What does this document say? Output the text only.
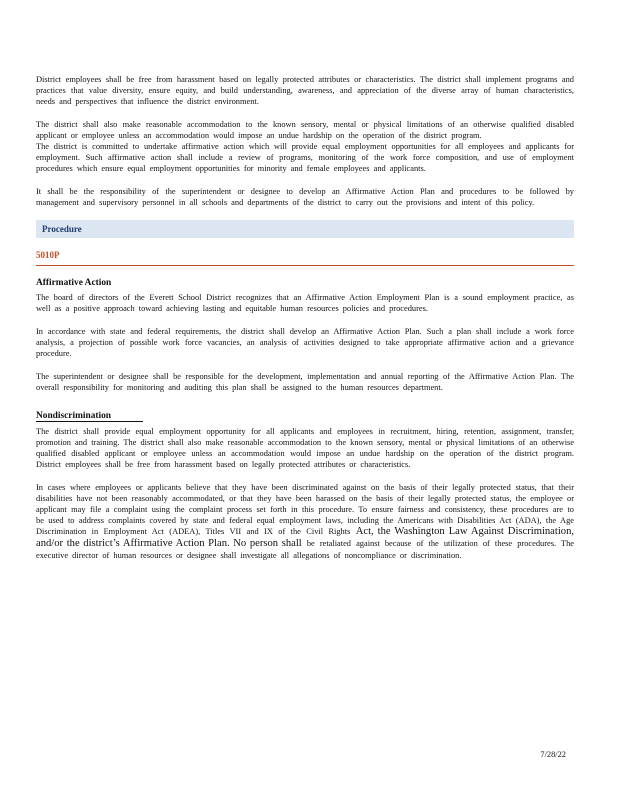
District employees shall be free from harassment based on legally protected attributes or characteristics. The district shall implement programs and practices that value diversity, ensure equity, and build understanding, awareness, and appreciation of the diverse array of human characteristics, needs and perspectives that influence the district environment.

The district shall also make reasonable accommodation to the known sensory, mental or physical limitations of an otherwise qualified disabled applicant or employee unless an accommodation would impose an undue hardship on the operation of the district program.

The district is committed to undertake affirmative action which will provide equal employment opportunities for all employees and applicants for employment. Such affirmative action shall include a review of programs, monitoring of the work force composition, and use of employment procedures which ensure equal employment opportunities for minority and female employees and applicants.

It shall be the responsibility of the superintendent or designee to develop an Affirmative Action Plan and procedures to be followed by management and supervisory personnel in all schools and departments of the district to carry out the provisions and intent of this policy.

Procedure
5010P
Affirmative Action

The board of directors of the Everett School District recognizes that an Affirmative Action Employment Plan is a sound employment practice, as well as a positive approach toward achieving lasting and equitable human resources policies and procedures.

In accordance with state and federal requirements, the district shall develop an Affirmative Action Plan. Such a plan shall include a work force analysis, a projection of possible work force vacancies, an analysis of activities designed to take appropriate affirmative action and a grievance procedure.

The superintendent or designee shall be responsible for the development, implementation and annual reporting of the Affirmative Action Plan. The overall responsibility for monitoring and auditing this plan shall be assigned to the human resources department.

Nondiscrimination

The district shall provide equal employment opportunity for all applicants and employees in recruitment, hiring, retention, assignment, transfer, promotion and training. The district shall also make reasonable accommodation to the known sensory, mental or physical limitations of an otherwise qualified disabled applicant or employee unless an accommodation would impose an undue hardship on the operation of the district program. District employees shall be free from harassment based on legally protected attributes or characteristics.

In cases where employees or applicants believe that they have been discriminated against on the basis of their legally protected status, that their disabilities have not been reasonably accommodated, or that they have been harassed on the basis of their legally protected status, the employee or applicant may file a complaint using the complaint process set forth in this procedure. To ensure fairness and consistency, these procedures are to be used to address complaints covered by state and federal equal employment laws, including the Americans with Disabilities Act (ADA), the Age Discrimination in Employment Act (ADEA), Titles VII and IX of the Civil Rights Act, the Washington Law Against Discrimination, and/or the district’s Affirmative Action Plan. No person shall be retaliated against because of the utilization of these procedures. The executive director of human resources or designee shall investigate all allegations of noncompliance or discrimination.

7/28/22
